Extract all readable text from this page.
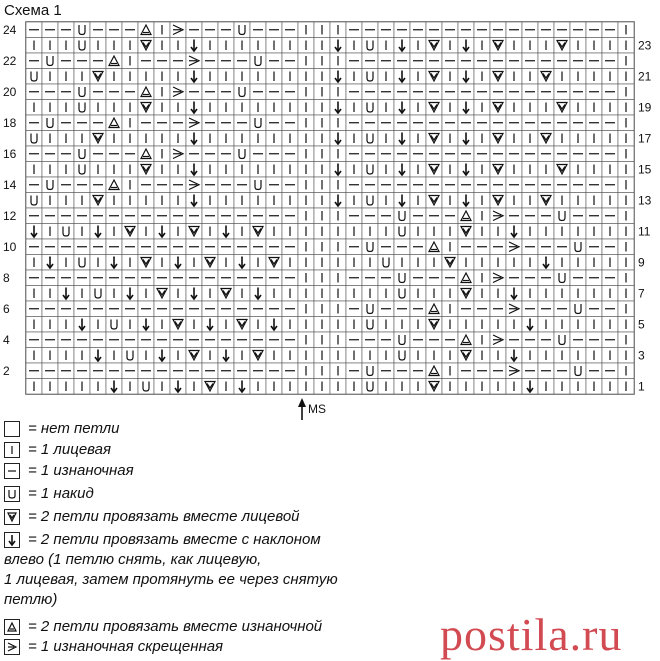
Схема 1
24
22
20
18
16
14
12
10
8
6
4
2
23
21
19
17
15
13
11
9
7
5
3
1
MS
= нет петли
= 1 лицевая
= 1 изнаночная
= 1 накид
= 2 петли провязать вместе лицевой
= 2 петли провязать вместе с наклоном
= 2 петли провязать вместе изнаночной
= 1 изнаночная скрещенная
влево (1 петлю снять, как лицевую,
1 лицевая, затем протянуть ее через снятую
петлю)
postila.ru
